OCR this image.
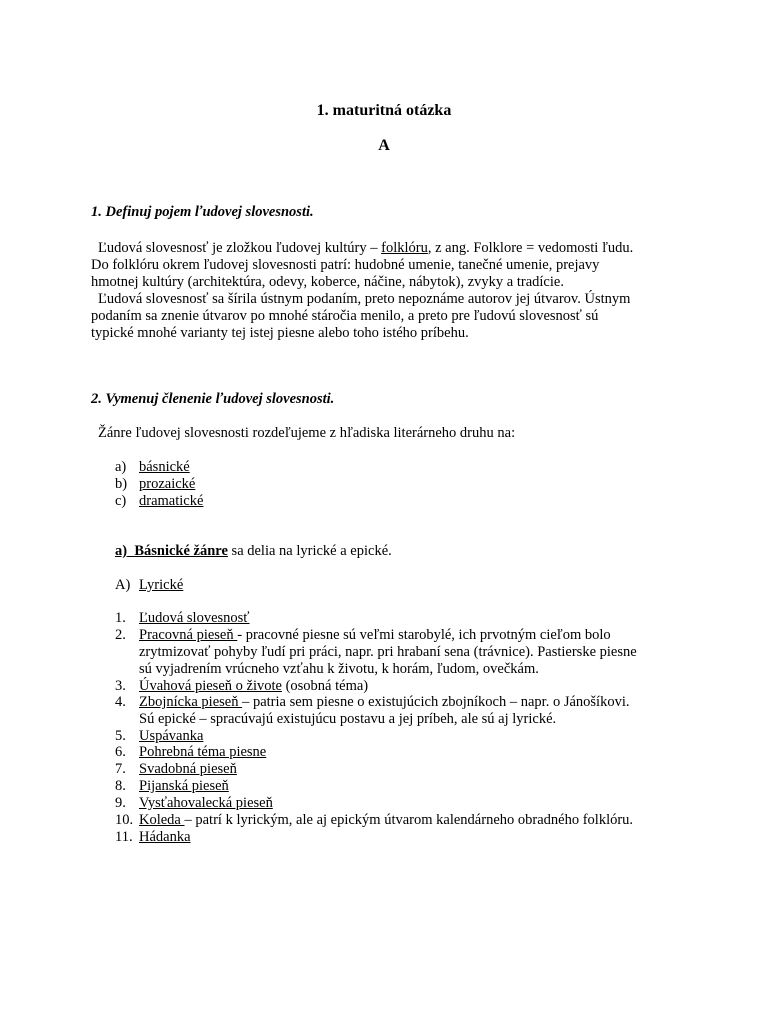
1. maturitná otázka
A
1. Definuj pojem ľudovej slovesnosti.
Ľudová slovesnosť je zložkou ľudovej kultúry – folklóru, z ang. Folklore = vedomosti ľudu.
Do folklóru okrem ľudovej slovesnosti patrí: hudobné umenie, tanečné umenie, prejavy
hmotnej kultúry (architektúra, odevy, koberce, náčine, nábytok), zvyky a tradície.
Ľudová slovesnosť sa šírila ústnym podaním, preto nepoznáme autorov jej útvarov. Ústnym
podaním sa znenie útvarov po mnohé stáročia menilo, a preto pre ľudovú slovesnosť sú
typické mnohé varianty tej istej piesne alebo toho istého príbehu.
2. Vymenuj členenie ľudovej slovesnosti.
Žánre ľudovej slovesnosti rozdeľujeme z hľadiska literárneho druhu na:
a) básnické
b) prozaické
c) dramatické
a) Básnické žánre sa delia na lyrické a epické.
A) Lyrické
1. Ľudová slovesnosť
2. Pracovná pieseň - pracovné piesne sú veľmi starobylé, ich prvotným cieľom bolo
zrytmizovať pohyby ľudí pri práci, napr. pri hrabaní sena (trávnice). Pastierske piesne
sú vyjadrením vrúcneho vzťahu k životu, k horám, ľudom, ovečkám.
3. Úvahová pieseň o živote (osobná téma)
4. Zbojnícka pieseň – patria sem piesne o existujúcich zbojníkoch – napr. o Jánošíkovi.
Sú epické – spracúvajú existujúcu postavu a jej príbeh, ale sú aj lyrické.
5. Uspávanka
6. Pohrebná téma piesne
7. Svadobná pieseň
8. Pijanská pieseň
9. Vysťahovalecká pieseň
10. Koleda – patrí k lyrickým, ale aj epickým útvarom kalendárneho obradného folklóru.
11. Hádanka
